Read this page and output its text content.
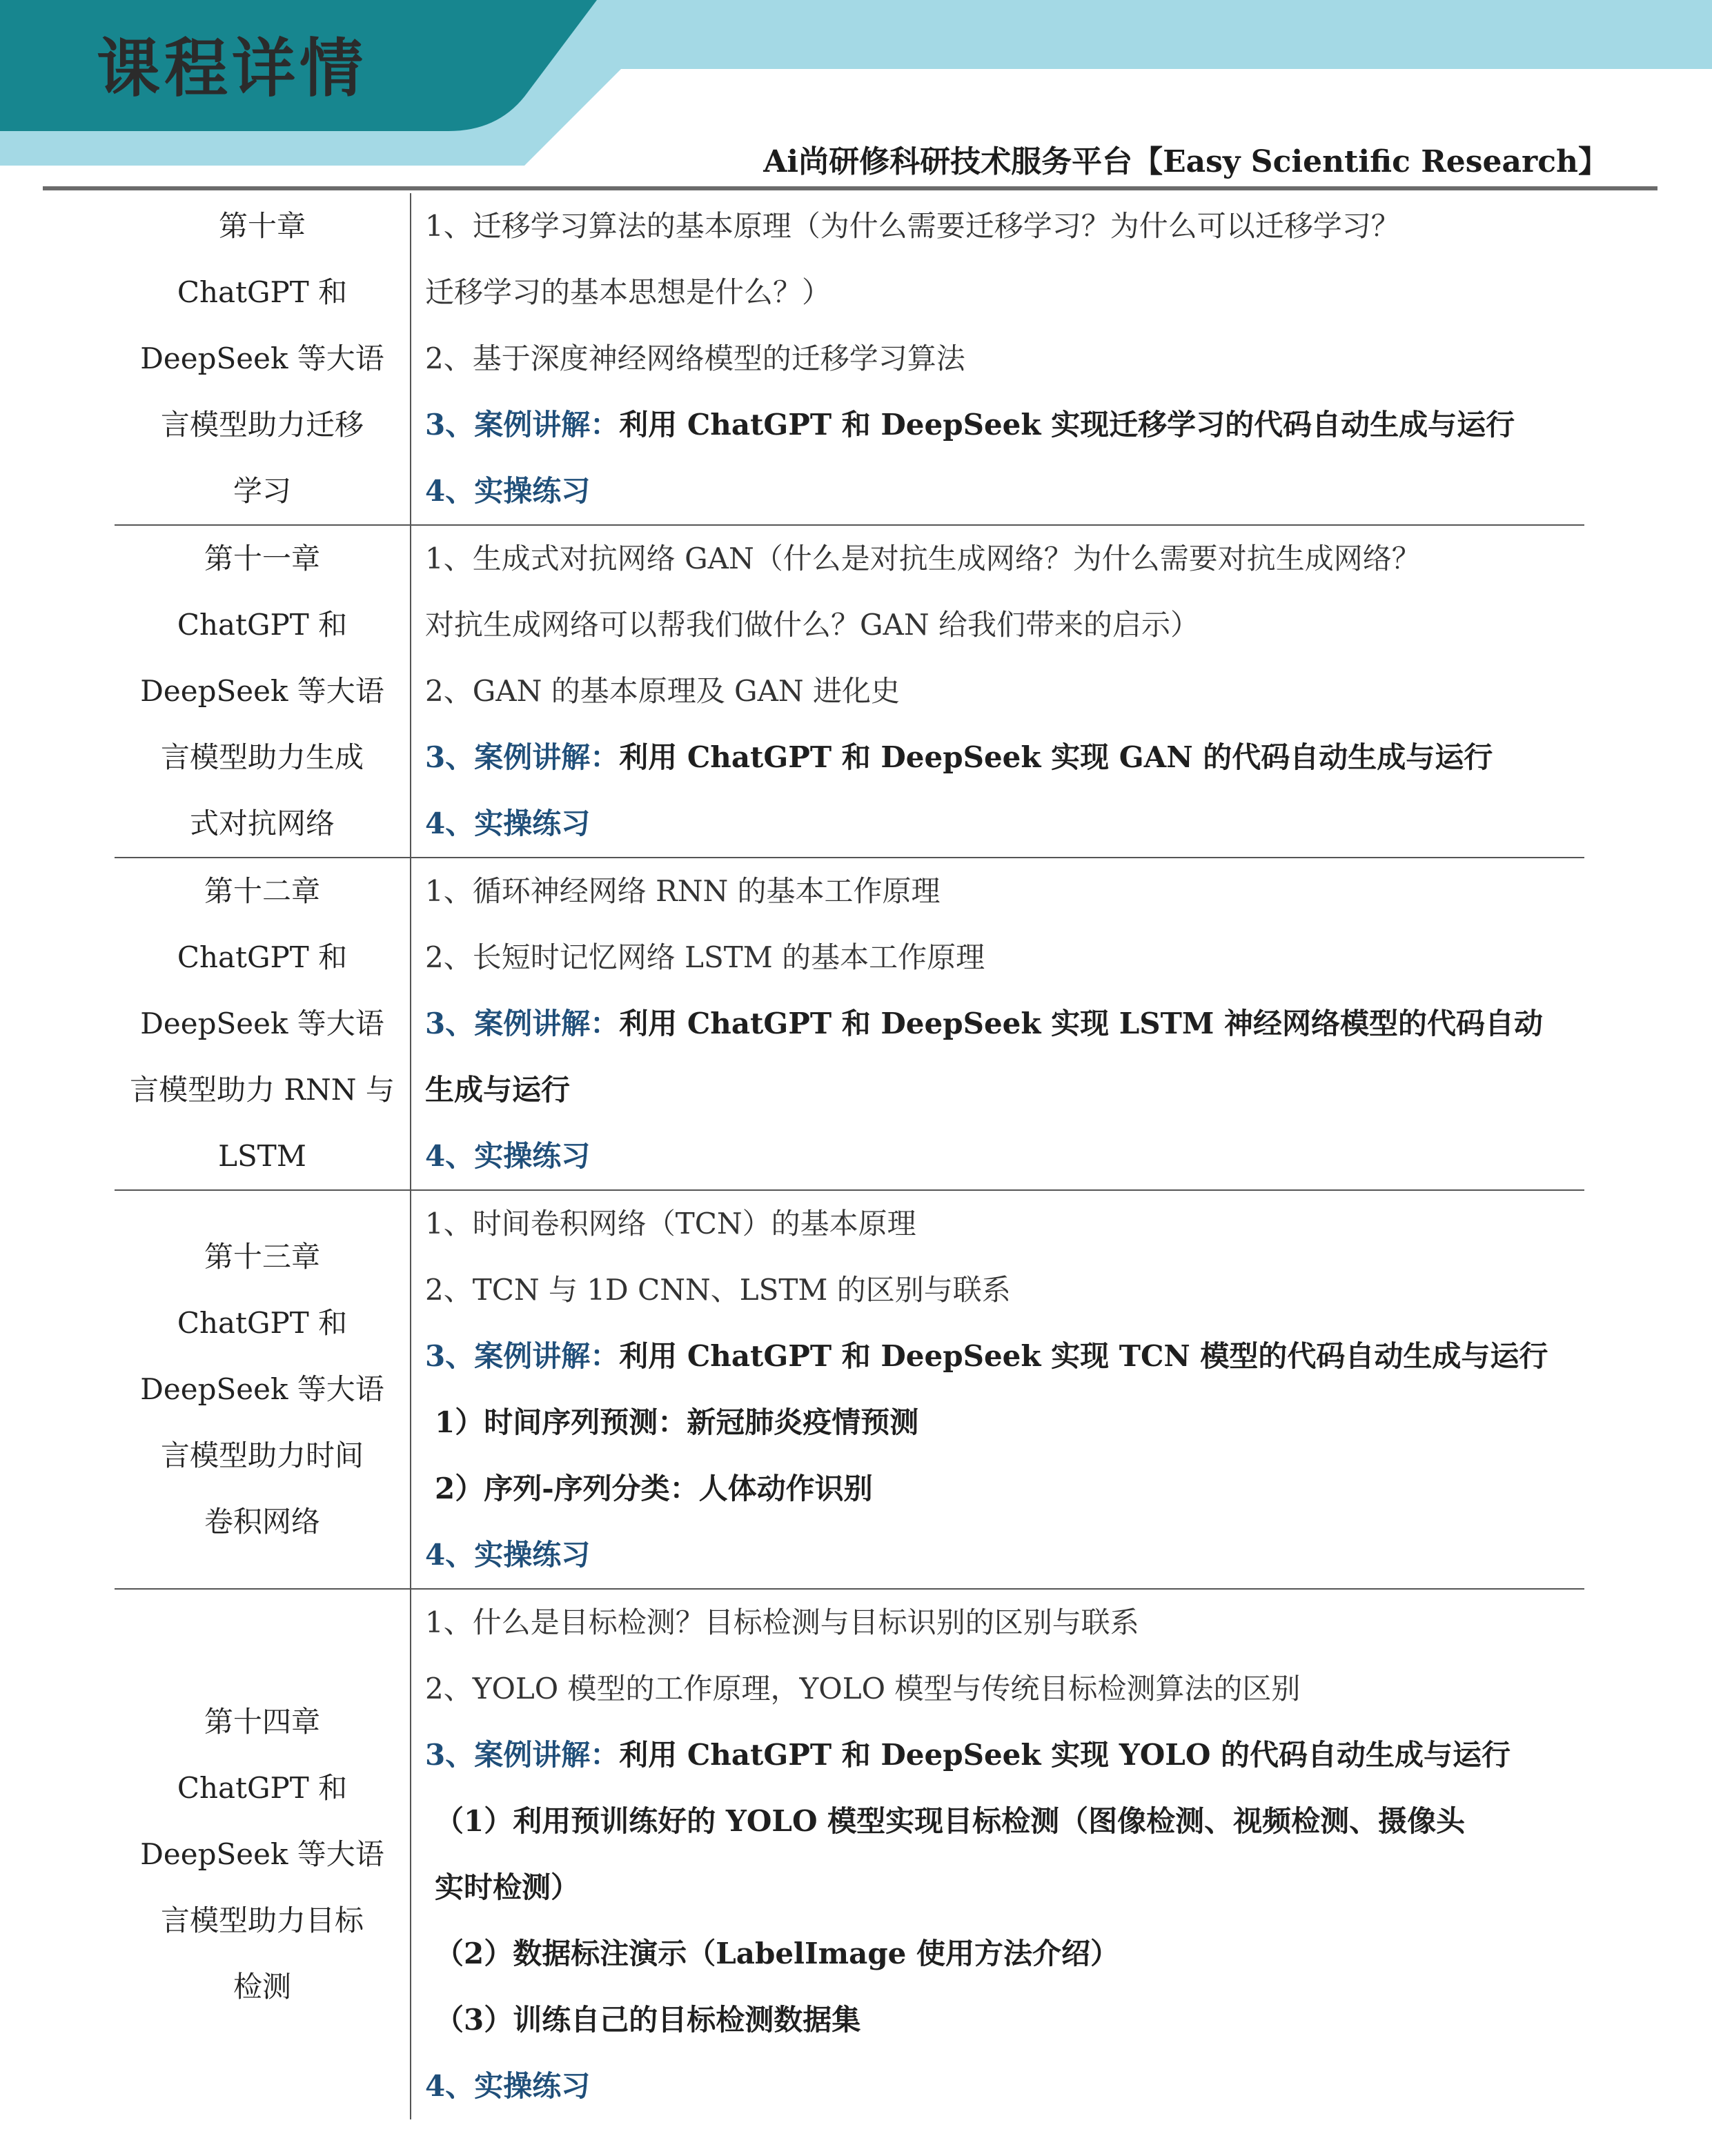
课程详情
Ai尚研修科研技术服务平台【Easy Scientific Research】
第十章
ChatGPT 和
DeepSeek 等大语
言模型助力迁移
学习
1、迁移学习算法的基本原理（为什么需要迁移学习？为什么可以迁移学习？
迁移学习的基本思想是什么？）
2、基于深度神经网络模型的迁移学习算法
3、案例讲解：利用 ChatGPT 和 DeepSeek 实现迁移学习的代码自动生成与运行
4、实操练习
第十一章
ChatGPT 和
DeepSeek 等大语
言模型助力生成
式对抗网络
1、生成式对抗网络 GAN（什么是对抗生成网络？为什么需要对抗生成网络？
对抗生成网络可以帮我们做什么？GAN 给我们带来的启示）
2、GAN 的基本原理及 GAN 进化史
3、案例讲解：利用 ChatGPT 和 DeepSeek 实现 GAN 的代码自动生成与运行
4、实操练习
第十二章
ChatGPT 和
DeepSeek 等大语
言模型助力 RNN 与
LSTM
1、循环神经网络 RNN 的基本工作原理
2、长短时记忆网络 LSTM 的基本工作原理
3、案例讲解：利用 ChatGPT 和 DeepSeek 实现 LSTM 神经网络模型的代码自动
生成与运行
4、实操练习
第十三章
ChatGPT 和
DeepSeek 等大语
言模型助力时间
卷积网络
1、时间卷积网络（TCN）的基本原理
2、TCN 与 1D CNN、LSTM 的区别与联系
3、案例讲解：利用 ChatGPT 和 DeepSeek 实现 TCN 模型的代码自动生成与运行
1）时间序列预测：新冠肺炎疫情预测
2）序列-序列分类：人体动作识别
4、实操练习
第十四章
ChatGPT 和
DeepSeek 等大语
言模型助力目标
检测
1、什么是目标检测？目标检测与目标识别的区别与联系
2、YOLO 模型的工作原理，YOLO 模型与传统目标检测算法的区别
3、案例讲解：利用 ChatGPT 和 DeepSeek 实现 YOLO 的代码自动生成与运行
（1）利用预训练好的 YOLO 模型实现目标检测（图像检测、视频检测、摄像头
实时检测）
（2）数据标注演示（LabelImage 使用方法介绍）
（3）训练自己的目标检测数据集
4、实操练习
